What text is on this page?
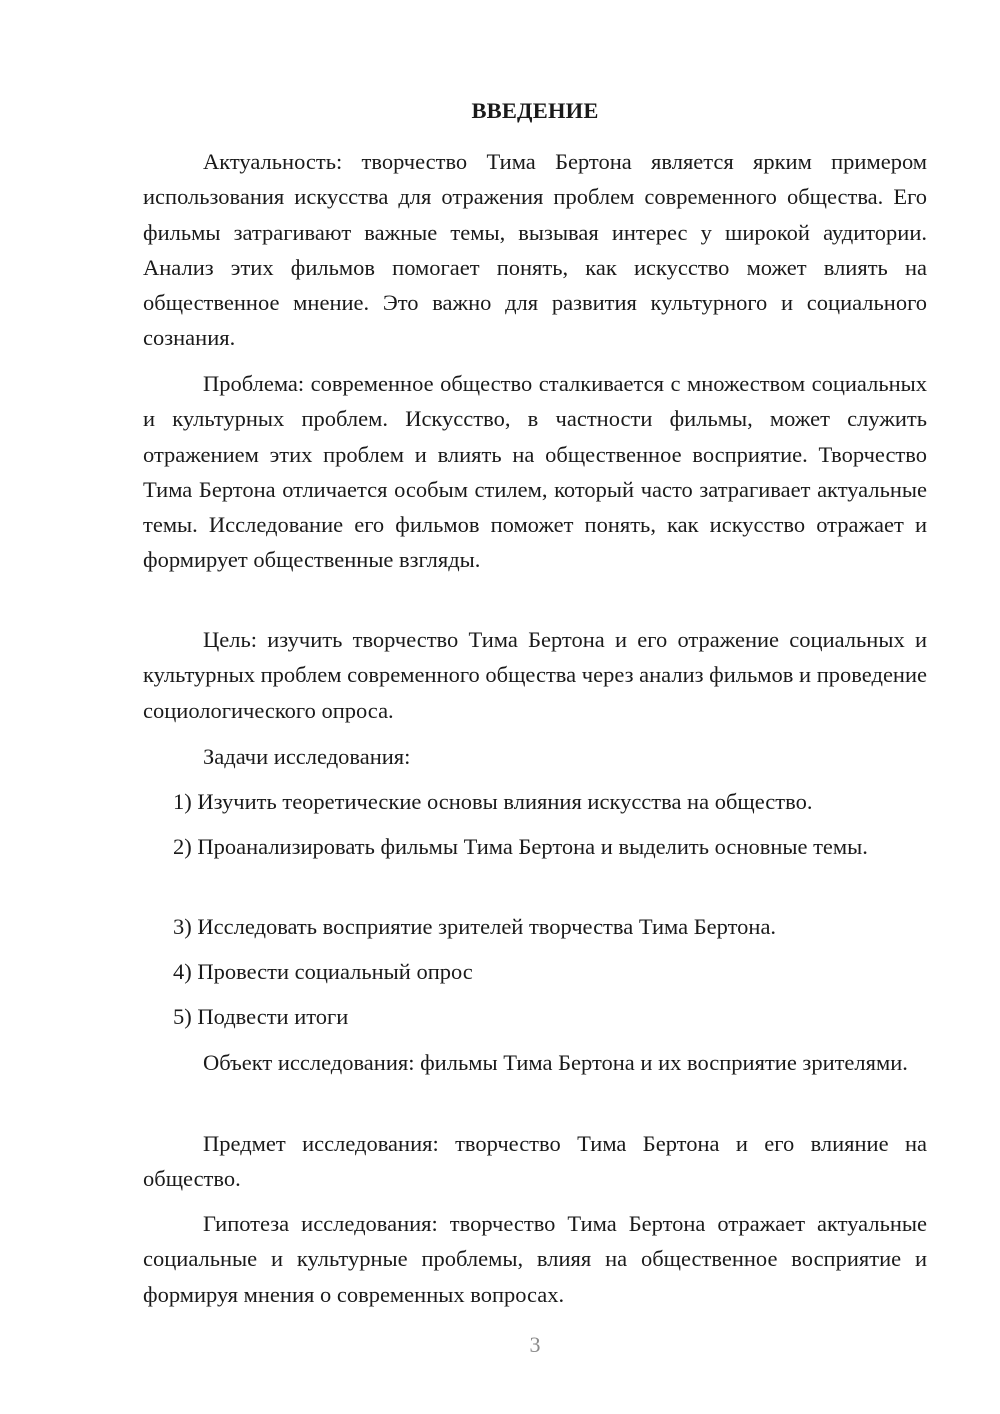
ВВЕДЕНИЕ

Актуальность: творчество Тима Бертона является ярким примером использования искусства для отражения проблем современного общества. Его фильмы затрагивают важные темы, вызывая интерес у широкой аудитории. Анализ этих фильмов помогает понять, как искусство может влиять на общественное мнение. Это важно для развития культурного и социального сознания.

Проблема: современное общество сталкивается с множеством социальных и культурных проблем. Искусство, в частности фильмы, может служить отражением этих проблем и влиять на общественное восприятие. Творчество Тима Бертона отличается особым стилем, который часто затрагивает актуальные темы. Исследование его фильмов поможет понять, как искусство отражает и формирует общественные взгляды.

Цель: изучить творчество Тима Бертона и его отражение социальных и культурных проблем современного общества через анализ фильмов и проведение социологического опроса.

Задачи исследования:

1) Изучить теоретические основы влияния искусства на общество.

2) Проанализировать фильмы Тима Бертона и выделить основные темы.

3) Исследовать восприятие зрителей творчества Тима Бертона.

4) Провести социальный опрос

5) Подвести итоги

Объект исследования: фильмы Тима Бертона и их восприятие зрителями.

Предмет исследования: творчество Тима Бертона и его влияние на общество.

Гипотеза исследования: творчество Тима Бертона отражает актуальные социальные и культурные проблемы, влияя на общественное восприятие и формируя мнения о современных вопросах.

3
